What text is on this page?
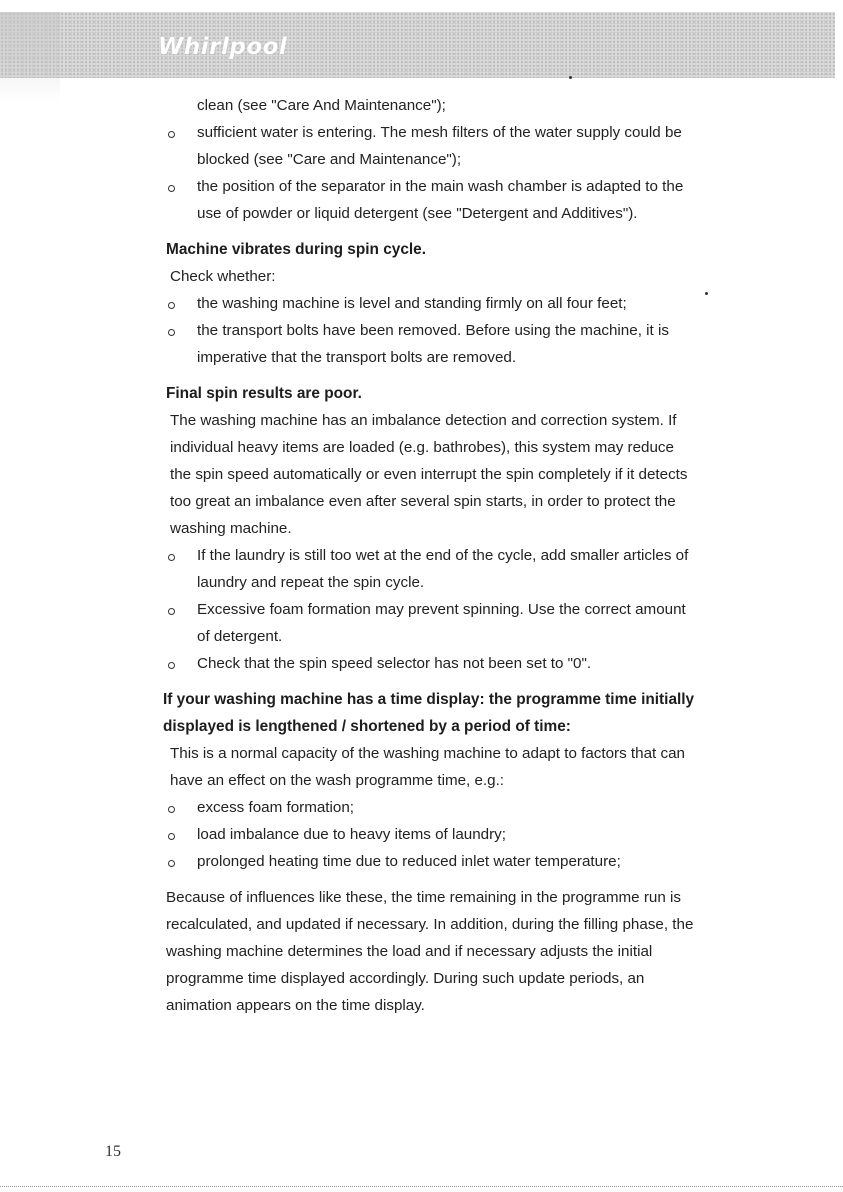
Whirlpool
clean (see "Care And Maintenance");
sufficient water is entering. The mesh filters of the water supply could be
blocked (see "Care and Maintenance");
the position of the separator in the main wash chamber is adapted to the
use of powder or liquid detergent (see "Detergent and Additives").
Machine vibrates during spin cycle.
Check whether:
the washing machine is level and standing firmly on all four feet;
the transport bolts have been removed. Before using the machine, it is
imperative that the transport bolts are removed.
Final spin results are poor.
The washing machine has an imbalance detection and correction system. If
individual heavy items are loaded (e.g. bathrobes), this system may reduce
the spin speed automatically or even interrupt the spin completely if it detects
too great an imbalance even after several spin starts, in order to protect the
washing machine.
If the laundry is still too wet at the end of the cycle, add smaller articles of
laundry and repeat the spin cycle.
Excessive foam formation may prevent spinning. Use the correct amount
of detergent.
Check that the spin speed selector has not been set to "0".
If your washing machine has a time display: the programme time initially
displayed is lengthened / shortened by a period of time:
This is a normal capacity of the washing machine to adapt to factors that can
have an effect on the wash programme time, e.g.:
excess foam formation;
load imbalance due to heavy items of laundry;
prolonged heating time due to reduced inlet water temperature;
Because of influences like these, the time remaining in the programme run is
recalculated, and updated if necessary. In addition, during the filling phase, the
washing machine determines the load and if necessary adjusts the initial
programme time displayed accordingly. During such update periods, an
animation appears on the time display.
15
